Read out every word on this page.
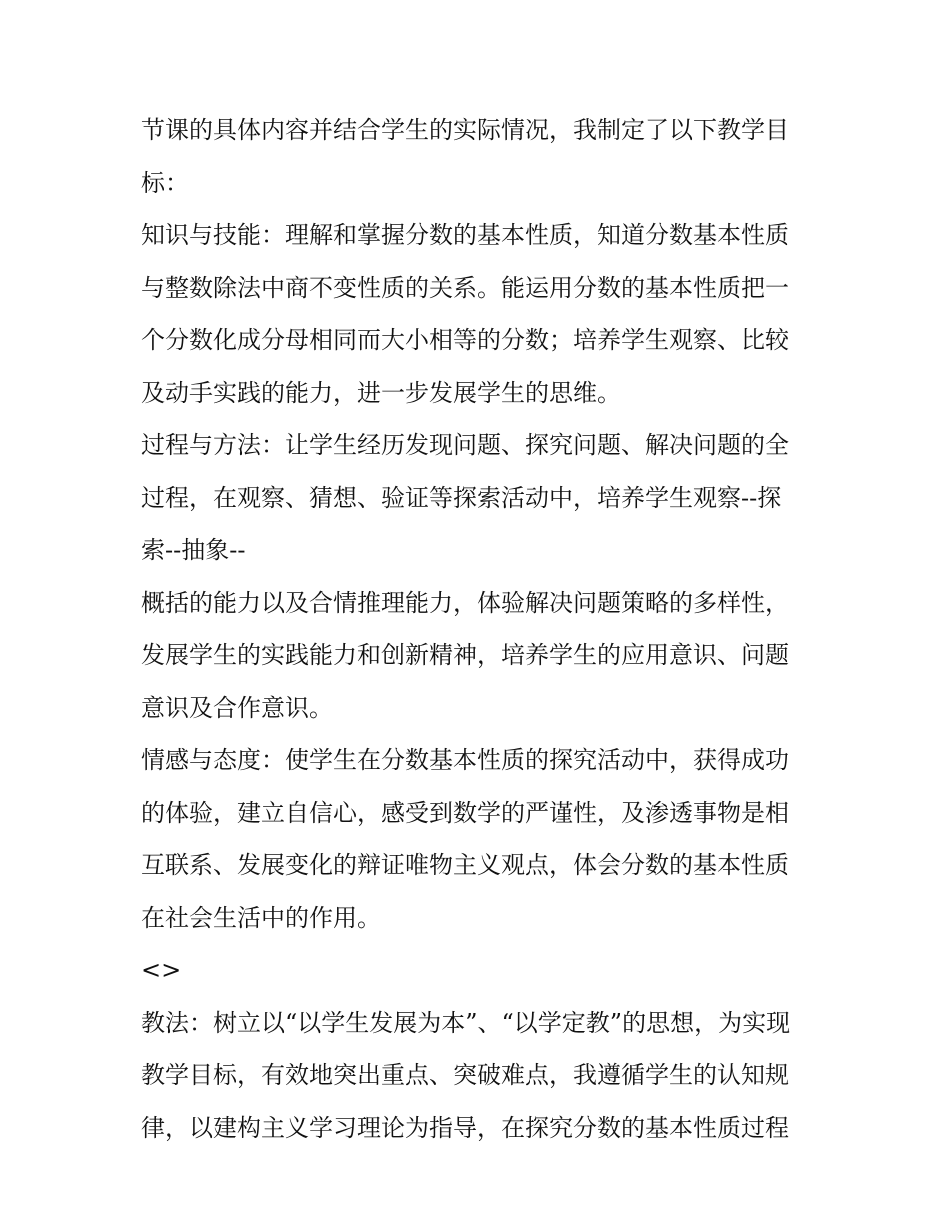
节课的具体内容并结合学生的实际情况，我制定了以下教学目
标：
知识与技能：理解和掌握分数的基本性质，知道分数基本性质
与整数除法中商不变性质的关系。能运用分数的基本性质把一
个分数化成分母相同而大小相等的分数；培养学生观察、比较
及动手实践的能力，进一步发展学生的思维。
过程与方法：让学生经历发现问题、探究问题、解决问题的全
过程，在观察、猜想、验证等探索活动中，培养学生观察--探
索--抽象--
概括的能力以及合情推理能力，体验解决问题策略的多样性，
发展学生的实践能力和创新精神，培养学生的应用意识、问题
意识及合作意识。
情感与态度：使学生在分数基本性质的探究活动中，获得成功
的体验，建立自信心，感受到数学的严谨性，及渗透事物是相
互联系、发展变化的辩证唯物主义观点，体会分数的基本性质
在社会生活中的作用。
<>
教法：树立以“以学生发展为本”、“以学定教”的思想，为实现
教学目标，有效地突出重点、突破难点，我遵循学生的认知规
律，以建构主义学习理论为指导，在探究分数的基本性质过程
